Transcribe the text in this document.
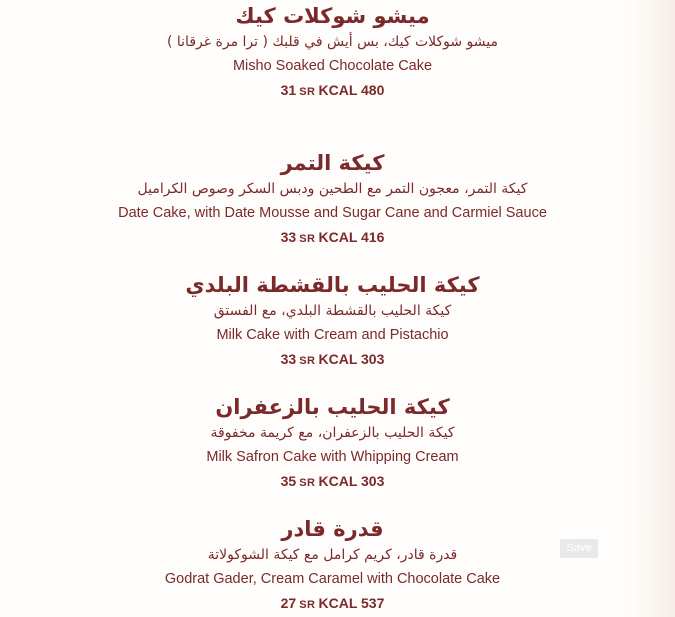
ميشو شوكلات كيك
ميشو شوكلات كيك، بس أيش في قلبك ( ترا مرة غرقانا )
Misho Soaked Chocolate Cake
31 SR KCAL 480
كيكة التمر
كيكة التمر، معجون التمر مع الطحين ودبس السكر وصوص الكراميل
Date Cake, with Date Mousse and Sugar Cane and Carmiel Sauce
33 SR KCAL 416
كيكة الحليب بالقشطة البلدي
كيكة الحليب بالقشطة البلدي، مع الفستق
Milk Cake with Cream and Pistachio
33 SR KCAL 303
كيكة الحليب بالزعفران
كيكة الحليب بالزعفران، مع كريمة مخفوقة
Milk Safron Cake with Whipping Cream
35 SR KCAL 303
قدرة قادر
قدرة قادر، كريم كرامل مع كيكة الشوكولاتة
Godrat Gader, Cream Caramel with Chocolate Cake
27 SR KCAL 537
Save
